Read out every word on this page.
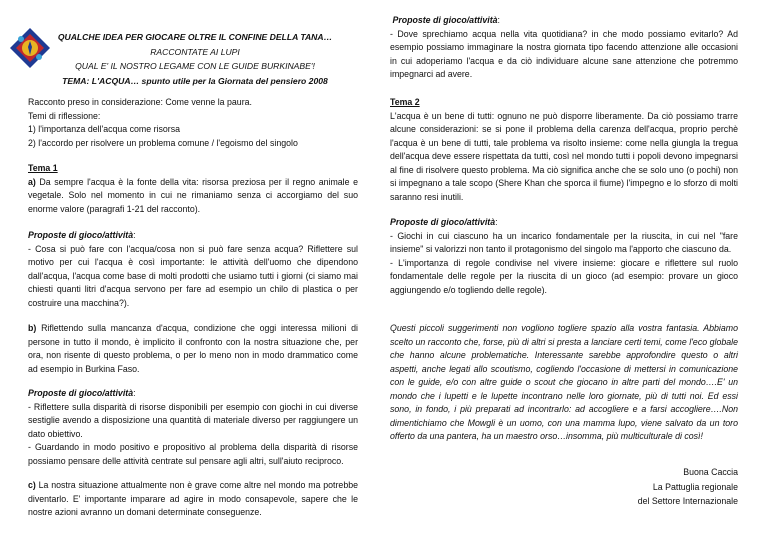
QUALCHE IDEA PER GIOCARE OLTRE IL CONFINE DELLA TANA…
RACCONTATE AI LUPI
QUAL E' IL NOSTRO LEGAME CON LE GUIDE BURKINABE'!
TEMA: L'ACQUA… spunto utile per la Giornata del pensiero 2008

Racconto preso in considerazione: Come venne la paura.

Temi di riflessione:

1) l'importanza dell'acqua come risorsa

2) l'accordo per risolvere un problema comune / l'egoismo del singolo

Tema 1

a) Da sempre l'acqua è la fonte della vita: risorsa preziosa per il regno animale e vegetale. Solo nel momento in cui ne rimaniamo senza ci accorgiamo del suo enorme valore (paragrafi 1-21 del racconto).

Proposte di gioco/attività:

- Cosa si può fare con l'acqua/cosa non si può fare senza acqua? Riflettere sul motivo per cui l'acqua è così importante: le attività dell'uomo che dipendono dall'acqua, l'acqua come base di molti prodotti che usiamo tutti i giorni (ci siamo mai chiesti quanti litri d'acqua servono per fare ad esempio un chilo di plastica o per costruire una macchina?).

b) Riflettendo sulla mancanza d'acqua, condizione che oggi interessa milioni di persone in tutto il mondo, è implicito il confronto con la nostra situazione che, per ora, non risente di questo problema, o per lo meno non in modo drammatico come ad esempio in Burkina Faso.

Proposte di gioco/attività:

- Riflettere sulla disparità di risorse disponibili per esempio con giochi in cui diverse sestiglie avendo a disposizione una quantità di materiale diverso per raggiungere un dato obiettivo.

- Guardando in modo positivo e propositivo al problema della disparità di risorse possiamo pensare delle attività centrate sul pensare agli altri, sull'aiuto reciproco.

c) La nostra situazione attualmente non è grave come altre nel mondo ma potrebbe diventarlo. E' importante imparare ad agire in modo consapevole, sapere che le nostre azioni avranno un domani determinate conseguenze.

Proposte di gioco/attività:

- Dove sprechiamo acqua nella vita quotidiana? in che modo possiamo evitarlo? Ad esempio possiamo immaginare la nostra giornata tipo facendo attenzione alle occasioni in cui adoperiamo l'acqua e da ciò individuare alcune sane attenzione che potremmo impegnarci ad avere.

Tema 2

L'acqua è un bene di tutti: ognuno ne può disporre liberamente. Da ciò possiamo trarre alcune considerazioni: se si pone il problema della carenza dell'acqua, proprio perchè l'acqua è un bene di tutti, tale problema va risolto insieme: come nella giungla la tregua dell'acqua deve essere rispettata da tutti, così nel mondo tutti i popoli devono impegnarsi al fine di risolvere questo problema. Ma ciò significa anche che se solo uno (o pochi) non si impegnano a tale scopo (Shere Khan che sporca il fiume) l'impegno e lo sforzo di molti saranno resi inutili.

Proposte di gioco/attività:

- Giochi in cui ciascuno ha un incarico fondamentale per la riuscita, in cui nel "fare insieme" si valorizzi non tanto il protagonismo del singolo ma l'apporto che ciascuno da.

- L'importanza di regole condivise nel vivere insieme: giocare e riflettere sul ruolo fondamentale delle regole per la riuscita di un gioco (ad esempio: provare un gioco aggiungendo e/o togliendo delle regole).

Questi piccoli suggerimenti non vogliono togliere spazio alla vostra fantasia. Abbiamo scelto un racconto che, forse, più di altri si presta a lanciare certi temi, come l'eco globale che hanno alcune problematiche. Interessante sarebbe approfondire questo o altri aspetti, anche legati allo scoutismo, cogliendo l'occasione di mettersi in comunicazione con le guide, e/o con altre guide o scout che giocano in altre parti del mondo….E' un mondo che i lupetti e le lupette incontrano nelle loro giornate, più di tutti noi. Ed essi sono, in fondo, i più preparati ad incontrarlo: ad accogliere e a farsi accogliere….Non dimentichiamo che Mowgli è un uomo, con una mamma lupo, viene salvato da un toro offerto da una pantera, ha un maestro orso…insomma, più multiculturale di così!

Buona Caccia

La Pattuglia regionale

del Settore Internazionale
